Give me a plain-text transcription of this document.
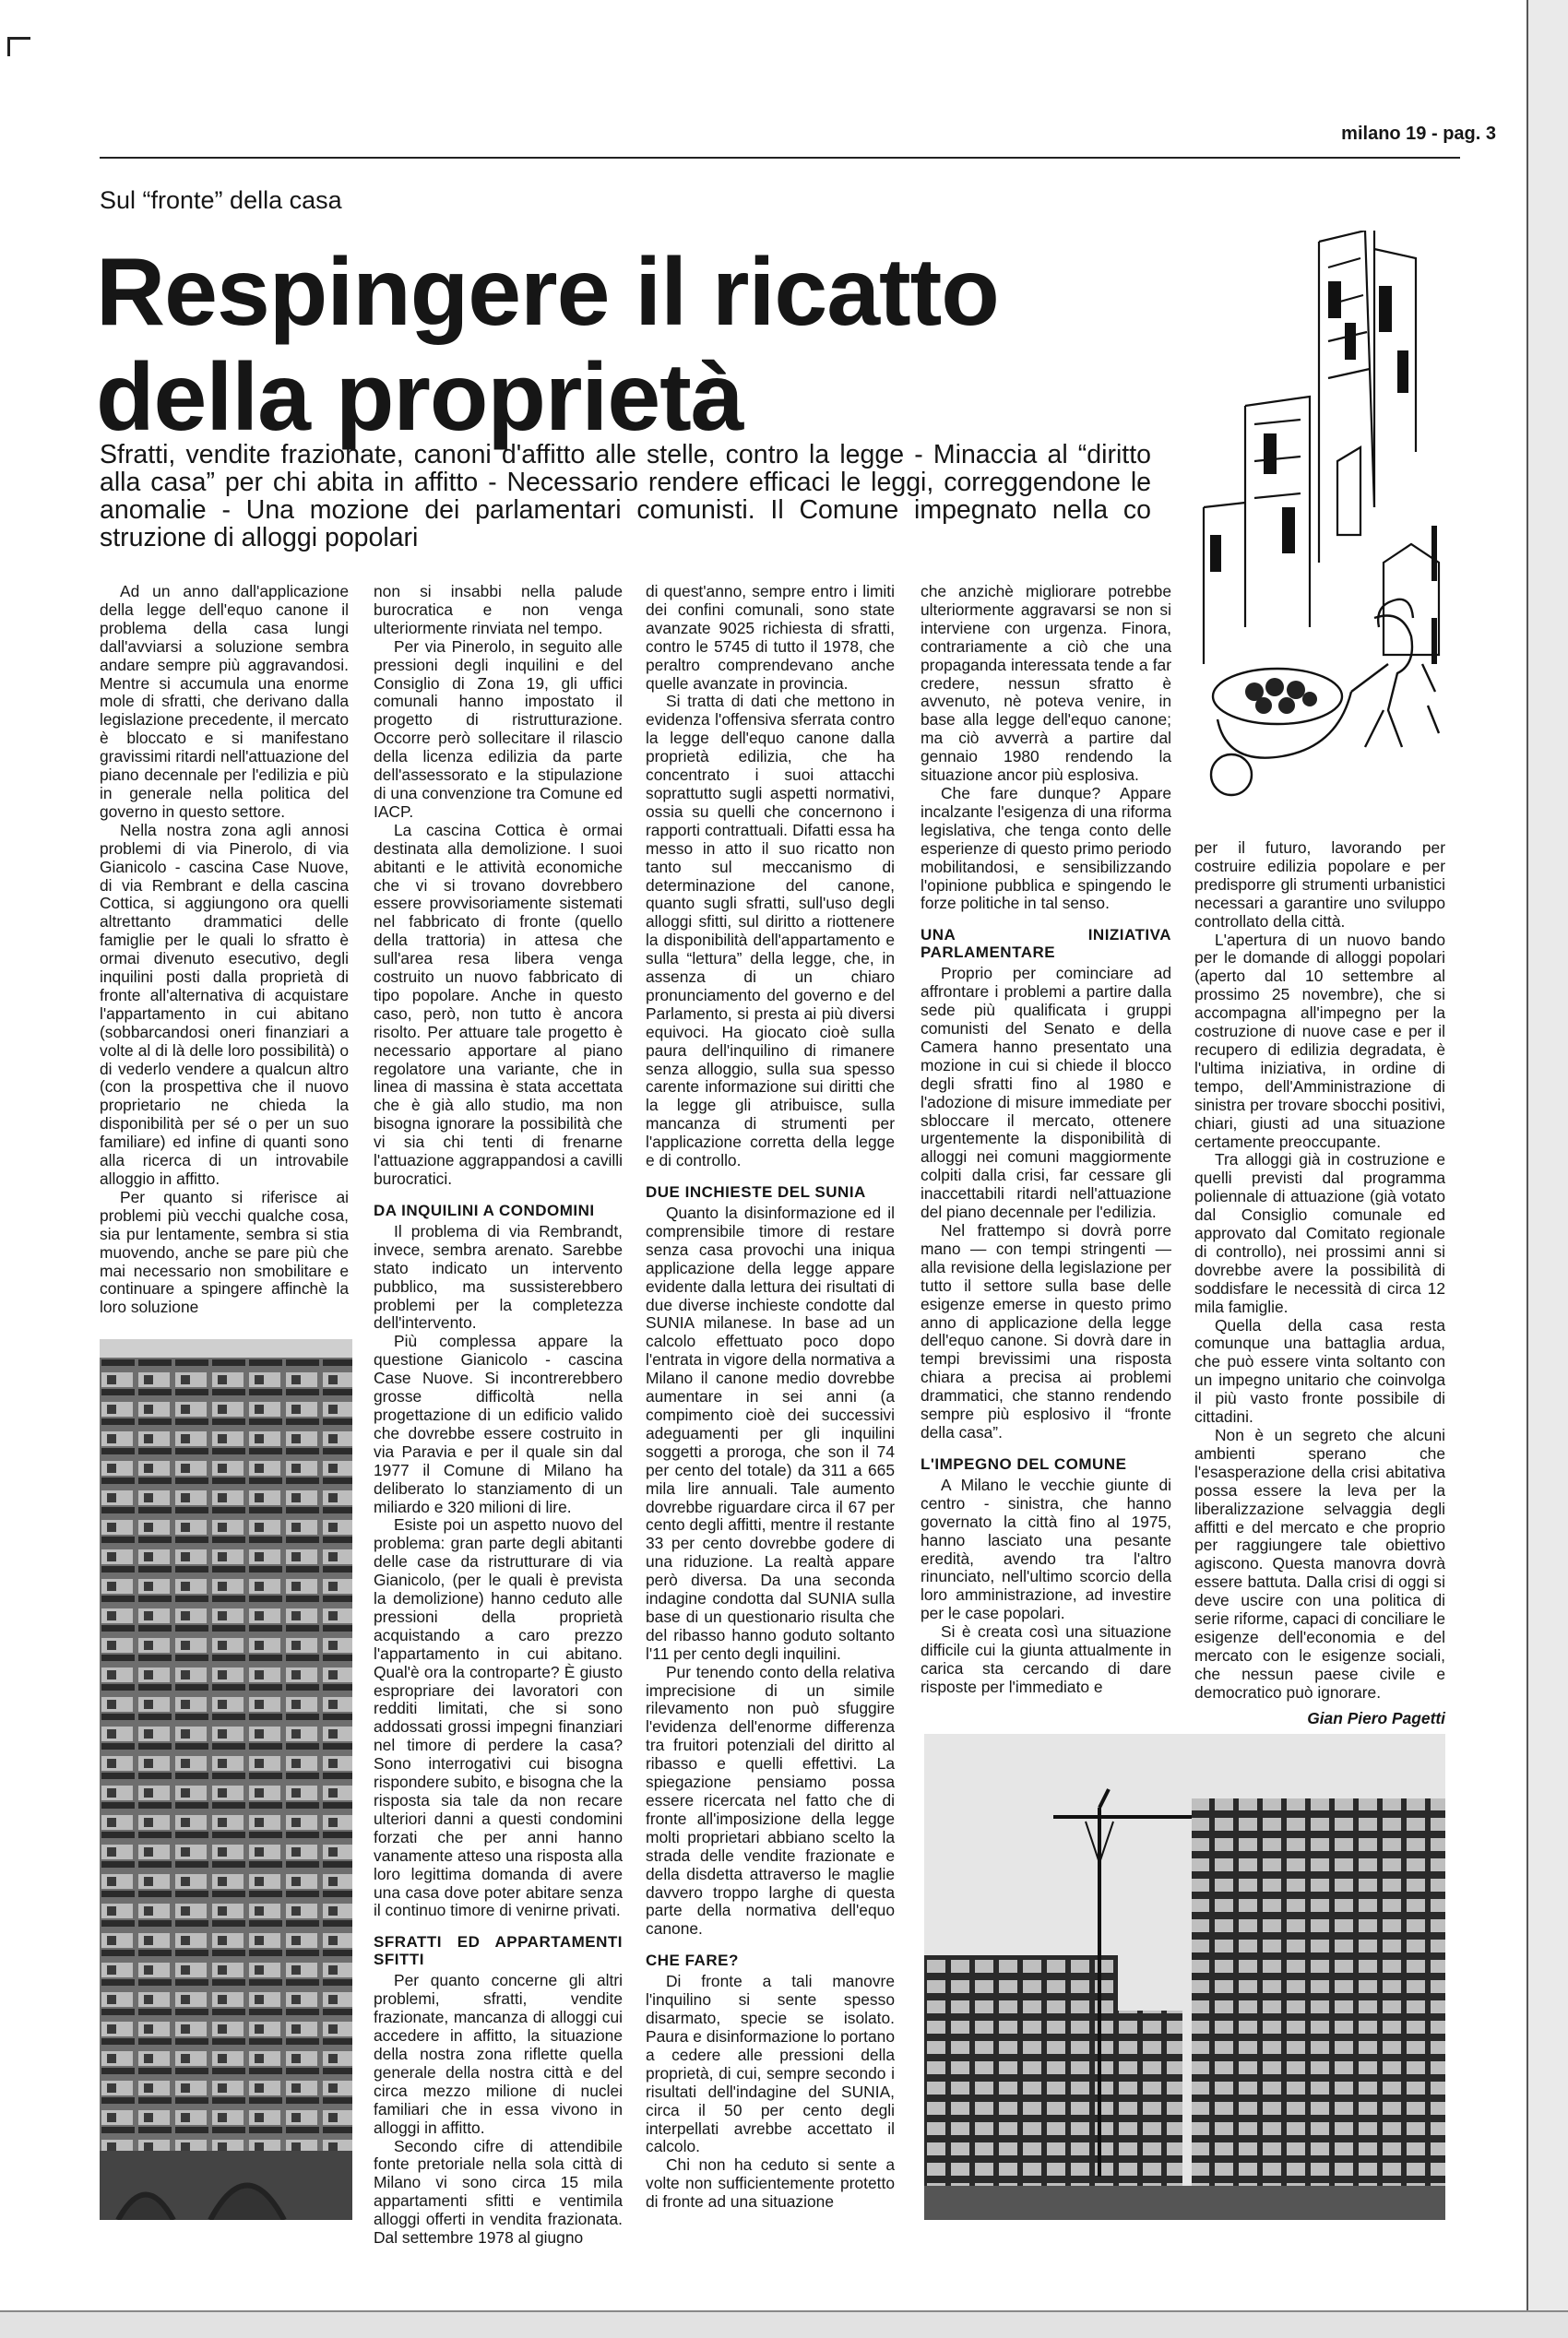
milano 19 - pag. 3
Sul “fronte” della casa
Respingere il ricatto della proprietà

Sfratti, vendite frazionate, canoni d'affitto alle stelle, contro la legge - Minaccia al “diritto alla casa” per chi abita in affitto - Necessario rendere efficaci le leggi, correggendone le anomalie - Una mozione dei parlamentari comunisti. Il Comune impegnato nella co struzione di alloggi popolari

Ad un anno dall'applicazione della legge dell'equo canone il problema della casa lungi dall'avviarsi a soluzione sembra andare sempre più aggravandosi. Mentre si accumula una enorme mole di sfratti, che derivano dalla legislazione precedente, il mercato è bloccato e si manifestano gravissimi ritardi nell'attuazione del piano decennale per l'edilizia e più in generale nella politica del governo in questo settore.

Nella nostra zona agli annosi problemi di via Pinerolo, di via Gianicolo - cascina Case Nuove, di via Rembrant e della cascina Cottica, si aggiungono ora quelli altrettanto drammatici delle famiglie per le quali lo sfratto è ormai divenuto esecutivo, degli inquilini posti dalla proprietà di fronte all'alternativa di acquistare l'appartamento in cui abitano (sobbarcandosi oneri finanziari a volte al di là delle loro possibilità) o di vederlo vendere a qualcun altro (con la prospettiva che il nuovo proprietario ne chieda la disponibilità per sé o per un suo familiare) ed infine di quanti sono alla ricerca di un introvabile alloggio in affitto.

Per quanto si riferisce ai problemi più vecchi qualche cosa, sia pur lentamente, sembra si stia muovendo, anche se pare più che mai necessario non smobilitare e continuare a spingere affinchè la loro soluzione

non si insabbi nella palude burocratica e non venga ulteriormente rinviata nel tempo.

Per via Pinerolo, in seguito alle pressioni degli inquilini e del Consiglio di Zona 19, gli uffici comunali hanno impostato il progetto di ristrutturazione. Occorre però sollecitare il rilascio della licenza edilizia da parte dell'assessorato e la stipulazione di una convenzione tra Comune ed IACP.

La cascina Cottica è ormai destinata alla demolizione. I suoi abitanti e le attività economiche che vi si trovano dovrebbero essere provvisoriamente sistemati nel fabbricato di fronte (quello della trattoria) in attesa che sull'area resa libera venga costruito un nuovo fabbricato di tipo popolare. Anche in questo caso, però, non tutto è ancora risolto. Per attuare tale progetto è necessario apportare al piano regolatore una variante, che in linea di massina è stata accettata che è già allo studio, ma non bisogna ignorare la possibilità che vi sia chi tenti di frenarne l'attuazione aggrappandosi a cavilli burocratici.

DA INQUILINI A CONDOMINI

Il problema di via Rembrandt, invece, sembra arenato. Sarebbe stato indicato un intervento pubblico, ma sussisterebbero problemi per la completezza dell'intervento.

Più complessa appare la questione Gianicolo - cascina Case Nuove. Si incontrerebbero grosse difficoltà nella progettazione di un edificio valido che dovrebbe essere costruito in via Paravia e per il quale sin dal 1977 il Comune di Milano ha deliberato lo stanziamento di un miliardo e 320 milioni di lire.

Esiste poi un aspetto nuovo del problema: gran parte degli abitanti delle case da ristrutturare di via Gianicolo, (per le quali è prevista la demolizione) hanno ceduto alle pressioni della proprietà acquistando a caro prezzo l'appartamento in cui abitano. Qual'è ora la controparte? È giusto espropriare dei lavoratori con redditi limitati, che si sono addossati grossi impegni finanziari nel timore di perdere la casa? Sono interrogativi cui bisogna rispondere subito, e bisogna che la risposta sia tale da non recare ulteriori danni a questi condomini forzati che per anni hanno vanamente atteso una risposta alla loro legittima domanda di avere una casa dove poter abitare senza il continuo timore di venirne privati.

SFRATTI ED APPARTAMENTI SFITTI

Per quanto concerne gli altri problemi, sfratti, vendite frazionate, mancanza di alloggi cui accedere in affitto, la situazione della nostra zona riflette quella generale della nostra città e del circa mezzo milione di nuclei familiari che in essa vivono in alloggi in affitto.

Secondo cifre di attendibile fonte pretoriale nella sola città di Milano vi sono circa 15 mila appartamenti sfitti e ventimila alloggi offerti in vendita frazionata. Dal settembre 1978 al giugno

di quest'anno, sempre entro i limiti dei confini comunali, sono state avanzate 9025 richiesta di sfratti, contro le 5745 di tutto il 1978, che peraltro comprendevano anche quelle avanzate in provincia.

Si tratta di dati che mettono in evidenza l'offensiva sferrata contro la legge dell'equo canone dalla proprietà edilizia, che ha concentrato i suoi attacchi soprattutto sugli aspetti normativi, ossia su quelli che concernono i rapporti contrattuali. Difatti essa ha messo in atto il suo ricatto non tanto sul meccanismo di determinazione del canone, quanto sugli sfratti, sull'uso degli alloggi sfitti, sul diritto a riottenere la disponibilità dell'appartamento e sulla “lettura” della legge, che, in assenza di un chiaro pronunciamento del governo e del Parlamento, si presta ai più diversi equivoci. Ha giocato cioè sulla paura dell'inquilino di rimanere senza alloggio, sulla sua spesso carente informazione sui diritti che la legge gli atribuisce, sulla mancanza di strumenti per l'applicazione corretta della legge e di controllo.

DUE INCHIESTE DEL SUNIA

Quanto la disinformazione ed il comprensibile timore di restare senza casa provochi una iniqua applicazione della legge appare evidente dalla lettura dei risultati di due diverse inchieste condotte dal SUNIA milanese. In base ad un calcolo effettuato poco dopo l'entrata in vigore della normativa a Milano il canone medio dovrebbe aumentare in sei anni (a compimento cioè dei successivi adeguamenti per gli inquilini soggetti a proroga, che son il 74 per cento del totale) da 311 a 665 mila lire annuali. Tale aumento dovrebbe riguardare circa il 67 per cento degli affitti, mentre il restante 33 per cento dovrebbe godere di una riduzione. La realtà appare però diversa. Da una seconda indagine condotta dal SUNIA sulla base di un questionario risulta che del ribasso hanno goduto soltanto l'11 per cento degli inquilini.

Pur tenendo conto della relativa imprecisione di un simile rilevamento non può sfuggire l'evidenza dell'enorme differenza tra fruitori potenziali del diritto al ribasso e quelli effettivi. La spiegazione pensiamo possa essere ricercata nel fatto che di fronte all'imposizione della legge molti proprietari abbiano scelto la strada delle vendite frazionate e della disdetta attraverso le maglie davvero troppo larghe di questa parte della normativa dell'equo canone.

CHE FARE?

Di fronte a tali manovre l'inquilino si sente spesso disarmato, specie se isolato. Paura e disinformazione lo portano a cedere alle pressioni della proprietà, di cui, sempre secondo i risultati dell'indagine del SUNIA, circa il 50 per cento degli interpellati avrebbe accettato il calcolo.

Chi non ha ceduto si sente a volte non sufficientemente protetto di fronte ad una situazione

che anzichè migliorare potrebbe ulteriormente aggravarsi se non si interviene con urgenza. Finora, contrariamente a ciò che una propaganda interessata tende a far credere, nessun sfratto è avvenuto, nè poteva venire, in base alla legge dell'equo canone; ma ciò avverrà a partire dal gennaio 1980 rendendo la situazione ancor più esplosiva.

Che fare dunque? Appare incalzante l'esigenza di una riforma legislativa, che tenga conto delle esperienze di questo primo periodo mobilitandosi, e sensibilizzando l'opinione pubblica e spingendo le forze politiche in tal senso.

UNA INIZIATIVA PARLAMENTARE

Proprio per cominciare ad affrontare i problemi a partire dalla sede più qualificata i gruppi comunisti del Senato e della Camera hanno presentato una mozione in cui si chiede il blocco degli sfratti fino al 1980 e l'adozione di misure immediate per sbloccare il mercato, ottenere urgentemente la disponibilità di alloggi nei comuni maggiormente colpiti dalla crisi, far cessare gli inaccettabili ritardi nell'attuazione del piano decennale per l'edilizia.

Nel frattempo si dovrà porre mano — con tempi stringenti — alla revisione della legislazione per tutto il settore sulla base delle esigenze emerse in questo primo anno di applicazione della legge dell'equo canone. Si dovrà dare in tempi brevissimi una risposta chiara a precisa ai problemi drammatici, che stanno rendendo sempre più esplosivo il “fronte della casa”.

L'IMPEGNO DEL COMUNE

A Milano le vecchie giunte di centro - sinistra, che hanno governato la città fino al 1975, hanno lasciato una pesante eredità, avendo tra l'altro rinunciato, nell'ultimo scorcio della loro amministrazione, ad investire per le case popolari.

Si è creata così una situazione difficile cui la giunta attualmente in carica sta cercando di dare risposte per l'immediato e

per il futuro, lavorando per costruire edilizia popolare e per predisporre gli strumenti urbanistici necessari a garantire uno sviluppo controllato della città.

L'apertura di un nuovo bando per le domande di alloggi popolari (aperto dal 10 settembre al prossimo 25 novembre), che si accompagna all'impegno per la costruzione di nuove case e per il recupero di edilizia degradata, è l'ultima iniziativa, in ordine di tempo, dell'Amministrazione di sinistra per trovare sbocchi positivi, chiari, giusti ad una situazione certamente preoccupante.

Tra alloggi già in costruzione e quelli previsti dal programma poliennale di attuazione (già votato dal Consiglio comunale ed approvato dal Comitato regionale di controllo), nei prossimi anni si dovrebbe avere la possibilità di soddisfare le necessità di circa 12 mila famiglie.

Quella della casa resta comunque una battaglia ardua, che può essere vinta soltanto con un impegno unitario che coinvolga il più vasto fronte possibile di cittadini.

Non è un segreto che alcuni ambienti sperano che l'esasperazione della crisi abitativa possa essere la leva per la liberalizzazione selvaggia degli affitti e del mercato e che proprio per raggiungere tale obiettivo agiscono. Questa manovra dovrà essere battuta. Dalla crisi di oggi si deve uscire con una politica di serie riforme, capaci di conciliare le esigenze dell'economia e del mercato con le esigenze sociali, che nessun paese civile e democratico può ignorare.

Gian Piero Pagetti
